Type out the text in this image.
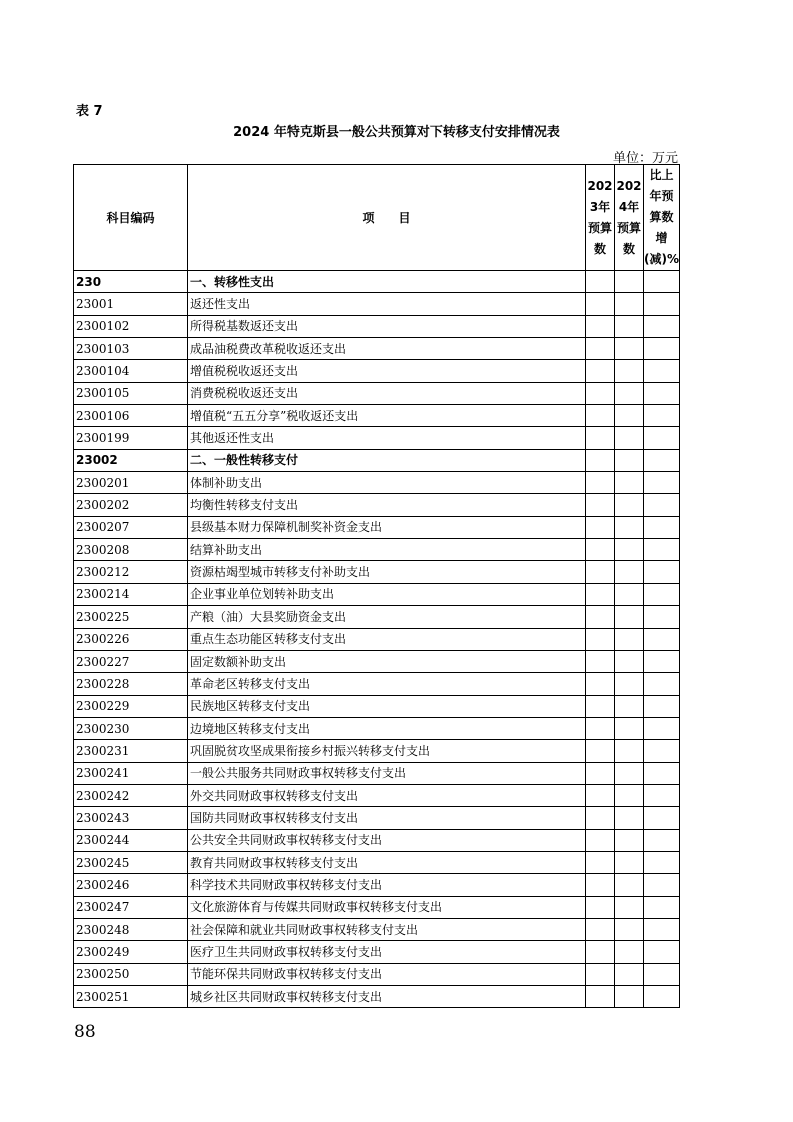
表 7
2024 年特克斯县一般公共预算对下转移支付安排情况表
单位：万元
科目编码	项　　目	2023年预算数	2024年预算数	比上年预算数增(减)%
230	一、转移性支出			
23001	返还性支出			
2300102	所得税基数返还支出			
2300103	成品油税费改革税收返还支出			
2300104	增值税税收返还支出			
2300105	消费税税收返还支出			
2300106	增值税“五五分享”税收返还支出			
2300199	其他返还性支出			
23002	二、一般性转移支付			
2300201	体制补助支出			
2300202	均衡性转移支付支出			
2300207	县级基本财力保障机制奖补资金支出			
2300208	结算补助支出			
2300212	资源枯竭型城市转移支付补助支出			
2300214	企业事业单位划转补助支出			
2300225	产粮（油）大县奖励资金支出			
2300226	重点生态功能区转移支付支出			
2300227	固定数额补助支出			
2300228	革命老区转移支付支出			
2300229	民族地区转移支付支出			
2300230	边境地区转移支付支出			
2300231	巩固脱贫攻坚成果衔接乡村振兴转移支付支出			
2300241	一般公共服务共同财政事权转移支付支出			
2300242	外交共同财政事权转移支付支出			
2300243	国防共同财政事权转移支付支出			
2300244	公共安全共同财政事权转移支付支出			
2300245	教育共同财政事权转移支付支出			
2300246	科学技术共同财政事权转移支付支出			
2300247	文化旅游体育与传媒共同财政事权转移支付支出			
2300248	社会保障和就业共同财政事权转移支付支出			
2300249	医疗卫生共同财政事权转移支付支出			
2300250	节能环保共同财政事权转移支付支出			
2300251	城乡社区共同财政事权转移支付支出			
88
